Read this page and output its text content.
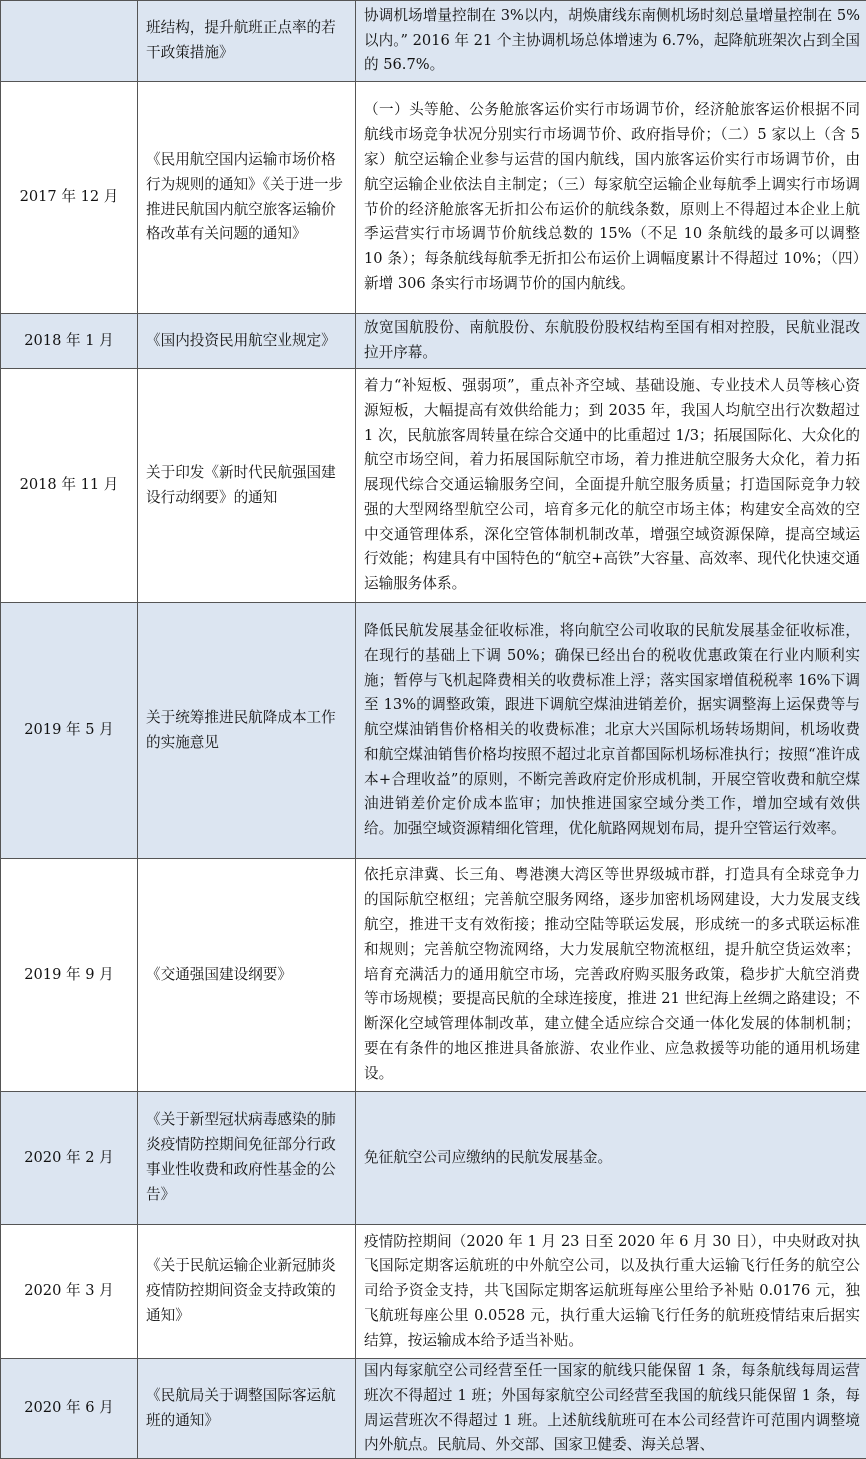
	班结构，提升航班正点率的若干政策措施》	协调机场增量控制在 3%以内，胡焕庸线东南侧机场时刻总量增量控制在 5%以内。” 2016 年 21 个主协调机场总体增速为 6.7%，起降航班架次占到全国的 56.7%。
2017 年 12 月	《民用航空国内运输市场价格行为规则的通知》《关于进一步推进民航国内航空旅客运输价格改革有关问题的通知》	（一）头等舱、公务舱旅客运价实行市场调节价，经济舱旅客运价根据不同航线市场竞争状况分别实行市场调节价、政府指导价；（二）5 家以上（含 5 家）航空运输企业参与运营的国内航线，国内旅客运价实行市场调节价，由航空运输企业依法自主制定；（三）每家航空运输企业每航季上调实行市场调节价的经济舱旅客无折扣公布运价的航线条数，原则上不得超过本企业上航季运营实行市场调节价航线总数的 15%（不足 10 条航线的最多可以调整 10 条）；每条航线每航季无折扣公布运价上调幅度累计不得超过 10%；（四）新增 306 条实行市场调节价的国内航线。
2018 年 1 月	《国内投资民用航空业规定》	放宽国航股份、南航股份、东航股份股权结构至国有相对控股，民航业混改拉开序幕。
2018 年 11 月	关于印发《新时代民航强国建设行动纲要》的通知	着力“补短板、强弱项”，重点补齐空域、基础设施、专业技术人员等核心资源短板，大幅提高有效供给能力；到 2035 年，我国人均航空出行次数超过 1 次，民航旅客周转量在综合交通中的比重超过 1/3；拓展国际化、大众化的航空市场空间，着力拓展国际航空市场，着力推进航空服务大众化，着力拓展现代综合交通运输服务空间，全面提升航空服务质量；打造国际竞争力较强的大型网络型航空公司，培育多元化的航空市场主体；构建安全高效的空中交通管理体系，深化空管体制机制改革，增强空域资源保障，提高空域运行效能；构建具有中国特色的“航空+高铁”大容量、高效率、现代化快速交通运输服务体系。
2019 年 5 月	关于统筹推进民航降成本工作的实施意见	降低民航发展基金征收标准，将向航空公司收取的民航发展基金征收标准，在现行的基础上下调 50%；确保已经出台的税收优惠政策在行业内顺利实施；暂停与飞机起降费相关的收费标准上浮；落实国家增值税税率 16%下调至 13%的调整政策，跟进下调航空煤油进销差价，据实调整海上运保费等与航空煤油销售价格相关的收费标准；北京大兴国际机场转场期间，机场收费和航空煤油销售价格均按照不超过北京首都国际机场标准执行；按照“准许成本+合理收益”的原则，不断完善政府定价形成机制，开展空管收费和航空煤油进销差价定价成本监审；加快推进国家空域分类工作，增加空域有效供给。加强空域资源精细化管理，优化航路网规划布局，提升空管运行效率。
2019 年 9 月	《交通强国建设纲要》	依托京津冀、长三角、粤港澳大湾区等世界级城市群，打造具有全球竞争力的国际航空枢纽；完善航空服务网络，逐步加密机场网建设，大力发展支线航空，推进干支有效衔接；推动空陆等联运发展，形成统一的多式联运标准和规则；完善航空物流网络，大力发展航空物流枢纽，提升航空货运效率；培育充满活力的通用航空市场，完善政府购买服务政策，稳步扩大航空消费等市场规模；要提高民航的全球连接度，推进 21 世纪海上丝绸之路建设；不断深化空域管理体制改革，建立健全适应综合交通一体化发展的体制机制；要在有条件的地区推进具备旅游、农业作业、应急救援等功能的通用机场建设。
2020 年 2 月	《关于新型冠状病毒感染的肺炎疫情防控期间免征部分行政事业性收费和政府性基金的公告》	免征航空公司应缴纳的民航发展基金。
2020 年 3 月	《关于民航运输企业新冠肺炎疫情防控期间资金支持政策的通知》	疫情防控期间（2020 年 1 月 23 日至 2020 年 6 月 30 日），中央财政对执飞国际定期客运航班的中外航空公司，以及执行重大运输飞行任务的航空公司给予资金支持，共飞国际定期客运航班每座公里给予补贴 0.0176 元，独飞航班每座公里 0.0528 元，执行重大运输飞行任务的航班疫情结束后据实结算，按运输成本给予适当补贴。
2020 年 6 月	《民航局关于调整国际客运航班的通知》	国内每家航空公司经营至任一国家的航线只能保留 1 条，每条航线每周运营班次不得超过 1 班；外国每家航空公司经营至我国的航线只能保留 1 条，每周运营班次不得超过 1 班。上述航线航班可在本公司经营许可范围内调整境内外航点。民航局、外交部、国家卫健委、海关总署、
